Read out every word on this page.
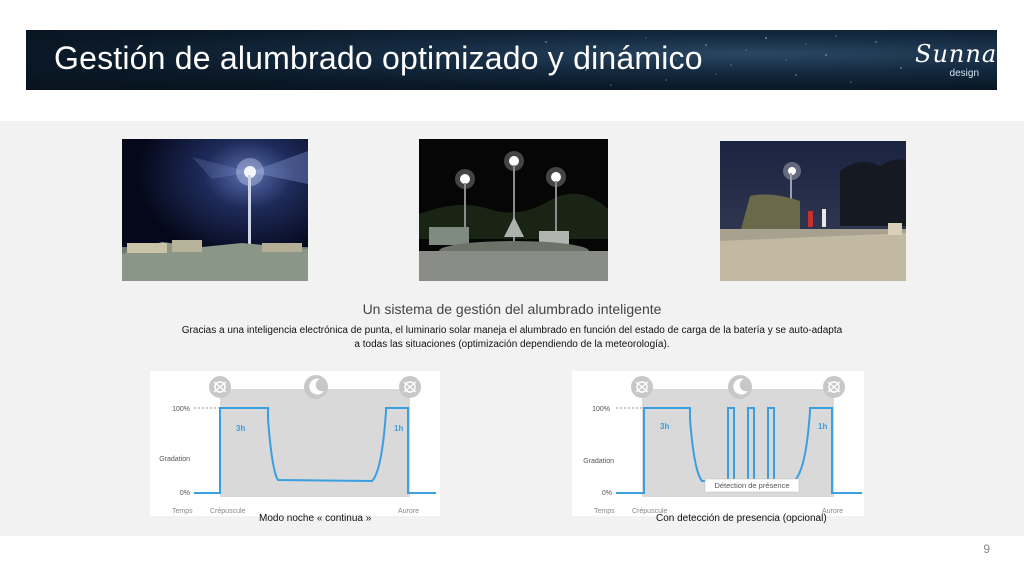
Gestión de alumbrado optimizado y dinámico	Sunna
design
Un sistema de gestión del alumbrado inteligente
Gracias a una inteligencia electrónica de punta, el luminario solar maneja el alumbrado en función del estado de carga de la batería y se auto-adapta a todas las situaciones (optimización dependiendo de la meteorología).
100%
Gradation
0%
Temps Crépuscule	Aurore
3h	1h
Modo noche « continua »
Détection de présence
100%
Gradation
0%
Temps Crépuscule	Aurore
3h	1h
Con detección de presencia (opcional)
9
